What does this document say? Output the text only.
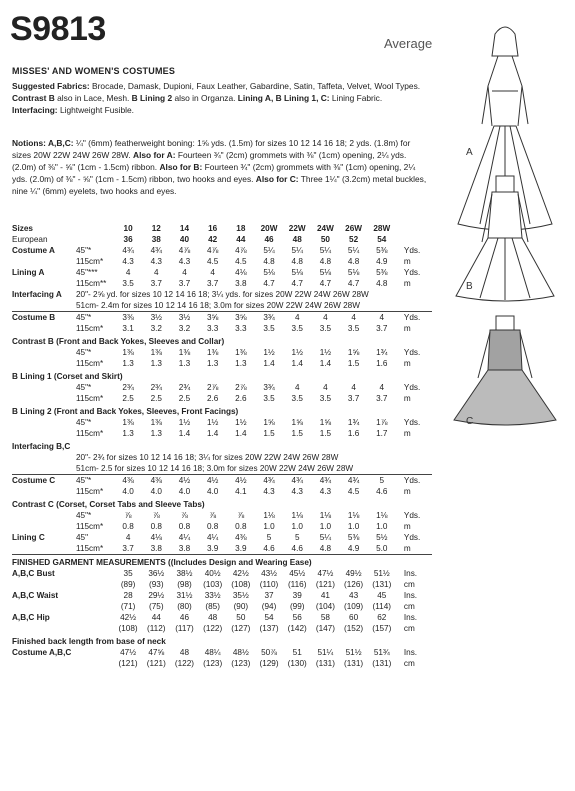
S9813	Average
MISSES' AND WOMEN'S COSTUMES
Suggested Fabrics: Brocade, Damask, Dupioni, Faux Leather, Gabardine, Satin, Taffeta, Velvet, Wool Types. Contrast B also in Lace, Mesh. B Lining 2 also in Organza. Lining A, B Lining 1, C: Lining Fabric. Interfacing: Lightweight Fusible.
Notions: A,B,C: ¼" (6mm) featherweight boning: 1⅝ yds. (1.5m) for sizes 10 12 14 16 18; 2 yds. (1.8m) for sizes 20W 22W 24W 26W 28W. Also for A: Fourteen ¾" (2cm) grommets with ⅜" (1cm) opening, 2¼ yds. (2.0m) of ⅜" - ⅝" (1cm - 1.5cm) ribbon. Also for B: Fourteen ¾" (2cm) grommets with ⅜" (1cm) opening, 2¼ yds. (2.0m) of ⅜" - ⅝" (1cm - 1.5cm) ribbon, two hooks and eyes. Also for C: Three 1¼" (3.2cm) metal buckles, nine ¼" (6mm) eyelets, two hooks and eyes.
Sizes		10	12	14	16	18	20W	22W	24W	26W	28W	
European		36	38	40	42	44	46	48	50	52	54	
Costume A	45"*	4¾	4¾	4⅞	4⅞	4⅞	5¼	5¼	5¼	5¼	5⅜	Yds.
	115cm*	4.3	4.3	4.3	4.5	4.5	4.8	4.8	4.8	4.8	4.9	m
Lining A	45"***	4	4	4	4	4⅛	5⅛	5⅛	5⅛	5⅛	5⅜	Yds.
	115cm**	3.5	3.7	3.7	3.7	3.8	4.7	4.7	4.7	4.7	4.8	m
Interfacing A	20"- 2⅝ yd. for sizes 10 12 14 16 18; 3¼ yds. for sizes 20W 22W 24W 26W 28W											
	51cm- 2.4m for sizes 10 12 14 16 18; 3.0m for sizes 20W 22W 24W 26W 28W											
Costume B	45"*	3⅜	3½	3½	3⅝	3⅝	3¾	4	4	4	4	Yds.
	115cm*	3.1	3.2	3.2	3.3	3.3	3.5	3.5	3.5	3.5	3.7	m
Contrast B (Front and Back Yokes, Sleeves and Collar)												
	45"*	1⅜	1⅜	1⅜	1⅜	1⅜	1½	1½	1½	1⅝	1¾	Yds.
	115cm*	1.3	1.3	1.3	1.3	1.3	1.4	1.4	1.4	1.5	1.6	m
B Lining 1 (Corset and Skirt)												
	45"*	2¾	2¾	2¾	2⅞	2⅞	3¾	4	4	4	4	Yds.
	115cm*	2.5	2.5	2.5	2.6	2.6	3.5	3.5	3.5	3.7	3.7	m
B Lining 2 (Front and Back Yokes, Sleeves, Front Facings)												
	45"*	1⅜	1⅜	1½	1½	1½	1⅝	1⅝	1⅝	1¾	1⅞	Yds.
	115cm*	1.3	1.3	1.4	1.4	1.4	1.5	1.5	1.5	1.6	1.7	m
Interfacing B,C												
	20"- 2¾ for sizes 10 12 14 16 18; 3¼ for sizes 20W 22W 24W 26W 28W											
	51cm- 2.5 for sizes 10 12 14 16 18; 3.0m for sizes 20W 22W 24W 26W 28W											
Costume C	45"*	4⅜	4⅜	4½	4½	4½	4¾	4¾	4¾	4¾	5	Yds.
	115cm*	4.0	4.0	4.0	4.0	4.1	4.3	4.3	4.3	4.5	4.6	m
Contrast C (Corset, Corset Tabs and Sleeve Tabs)												
	45"*	⅞	⅞	⅞	⅞	⅞	1⅛	1⅛	1⅛	1⅛	1⅛	Yds.
	115cm*	0.8	0.8	0.8	0.8	0.8	1.0	1.0	1.0	1.0	1.0	m
Lining C	45"	4	4⅛	4¼	4¼	4⅜	5	5	5¼	5⅜	5½	Yds.
	115cm*	3.7	3.8	3.8	3.9	3.9	4.6	4.6	4.8	4.9	5.0	m
FINISHED GARMENT MEASUREMENTS ((Includes Design and Wearing Ease)												
A,B,C Bust		35	36½	38½	40½	42½	43½	45½	47½	49½	51½	Ins.
		(89)	(93)	(98)	(103)	(108)	(110)	(116)	(121)	(126)	(131)	cm
A,B,C Waist		28	29½	31½	33½	35½	37	39	41	43	45	Ins.
		(71)	(75)	(80)	(85)	(90)	(94)	(99)	(104)	(109)	(114)	cm
A,B,C Hip		42½	44	46	48	50	54	56	58	60	62	Ins.
		(108)	(112)	(117)	(122)	(127)	(137)	(142)	(147)	(152)	(157)	cm
Finished back length from base of neck												
Costume A,B,C		47½	47⅝	48	48¼	48½	50⅞	51	51¼	51½	51¾	Ins.
		(121)	(121)	(122)	(123)	(123)	(129)	(130)	(131)	(131)	(131)	cm
A
B
C
